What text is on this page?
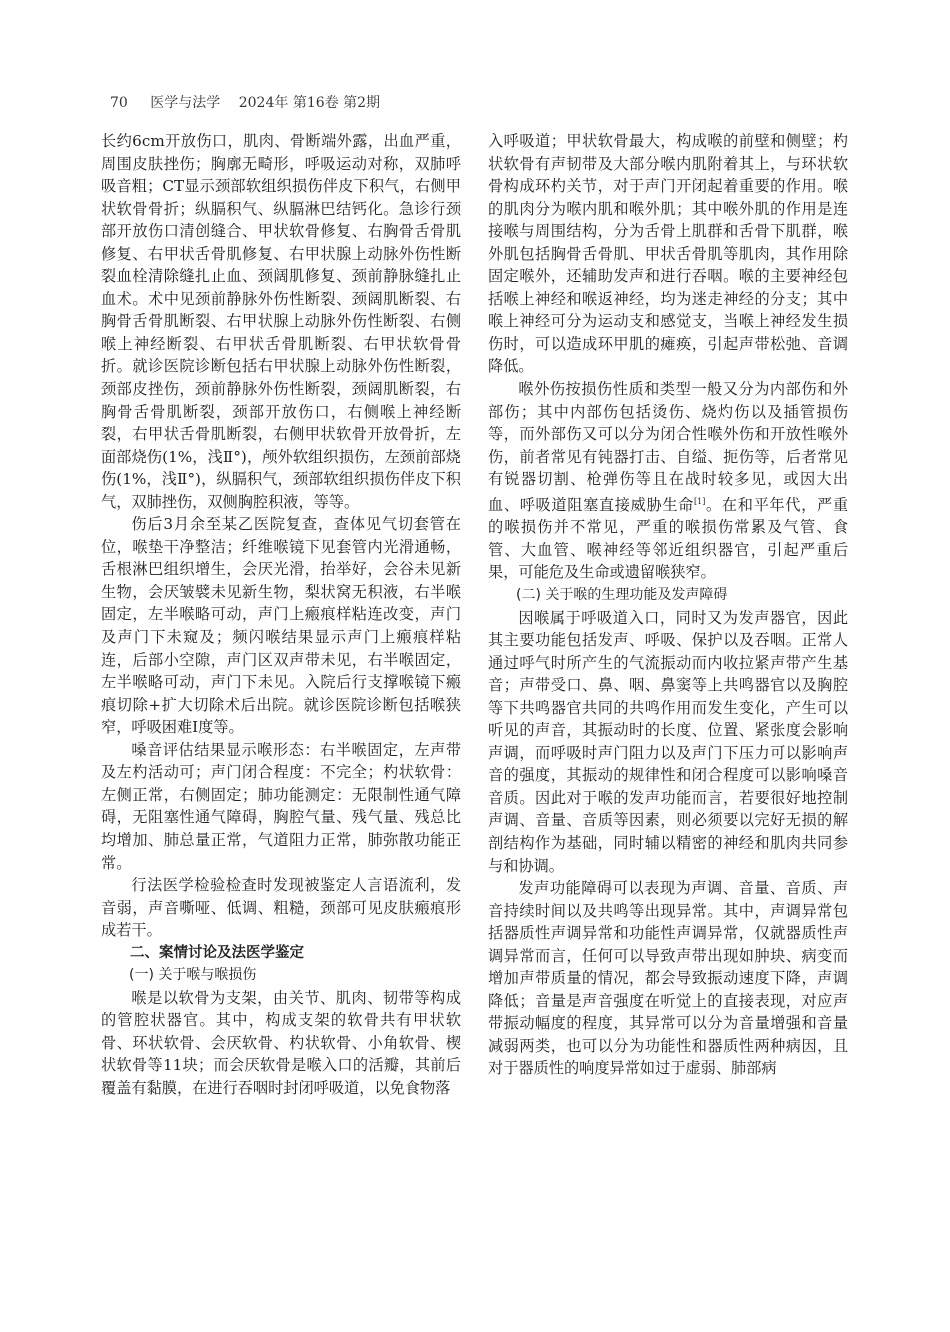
70 医学与法学 2024年 第16卷 第2期

长约6cm开放伤口，肌肉、骨断端外露，出血严重，周围皮肤挫伤；胸廓无畸形，呼吸运动对称，双肺呼吸音粗；CT显示颈部软组织损伤伴皮下积气，右侧甲状软骨骨折；纵膈积气、纵膈淋巴结钙化。急诊行颈部开放伤口清创缝合、甲状软骨修复、右胸骨舌骨肌修复、右甲状舌骨肌修复、右甲状腺上动脉外伤性断裂血栓清除缝扎止血、颈阔肌修复、颈前静脉缝扎止血术。术中见颈前静脉外伤性断裂、颈阔肌断裂、右胸骨舌骨肌断裂、右甲状腺上动脉外伤性断裂、右侧喉上神经断裂、右甲状舌骨肌断裂、右甲状软骨骨折。就诊医院诊断包括右甲状腺上动脉外伤性断裂，颈部皮挫伤，颈前静脉外伤性断裂，颈阔肌断裂，右胸骨舌骨肌断裂，颈部开放伤口，右侧喉上神经断裂，右甲状舌骨肌断裂，右侧甲状软骨开放骨折，左面部烧伤(1%，浅Ⅱ°)，颅外软组织损伤，左颈前部烧伤(1%，浅Ⅱ°)，纵膈积气，颈部软组织损伤伴皮下积气，双肺挫伤，双侧胸腔积液，等等。

伤后3月余至某乙医院复查，查体见气切套管在位，喉垫干净整洁；纤维喉镜下见套管内光滑通畅，舌根淋巴组织增生，会厌光滑，抬举好，会谷未见新生物，会厌皱襞未见新生物，梨状窝无积液，右半喉固定，左半喉略可动，声门上瘢痕样粘连改变，声门及声门下未窥及；频闪喉结果显示声门上瘢痕样粘连，后部小空隙，声门区双声带未见，右半喉固定，左半喉略可动，声门下未见。入院后行支撑喉镜下瘢痕切除+扩大切除术后出院。就诊医院诊断包括喉狭窄，呼吸困难Ⅰ度等。

嗓音评估结果显示喉形态：右半喉固定，左声带及左杓活动可；声门闭合程度：不完全；杓状软骨：左侧正常，右侧固定；肺功能测定：无限制性通气障碍，无阻塞性通气障碍，胸腔气量、残气量、残总比均增加、肺总量正常，气道阻力正常，肺弥散功能正常。

行法医学检验检查时发现被鉴定人言语流利，发音弱，声音嘶哑、低调、粗糙，颈部可见皮肤瘢痕形成若干。

二、案情讨论及法医学鉴定

(一) 关于喉与喉损伤

喉是以软骨为支架，由关节、肌肉、韧带等构成的管腔状器官。其中，构成支架的软骨共有甲状软骨、环状软骨、会厌软骨、杓状软骨、小角软骨、楔状软骨等11块；而会厌软骨是喉入口的活瓣，其前后覆盖有黏膜，在进行吞咽时封闭呼吸道，以免食物落

入呼吸道；甲状软骨最大，构成喉的前壁和侧壁；杓状软骨有声韧带及大部分喉内肌附着其上，与环状软骨构成环杓关节，对于声门开闭起着重要的作用。喉的肌肉分为喉内肌和喉外肌；其中喉外肌的作用是连接喉与周围结构，分为舌骨上肌群和舌骨下肌群，喉外肌包括胸骨舌骨肌、甲状舌骨肌等肌肉，其作用除固定喉外，还辅助发声和进行吞咽。喉的主要神经包括喉上神经和喉返神经，均为迷走神经的分支；其中喉上神经可分为运动支和感觉支，当喉上神经发生损伤时，可以造成环甲肌的瘫痪，引起声带松弛、音调降低。

喉外伤按损伤性质和类型一般又分为内部伤和外部伤；其中内部伤包括烫伤、烧灼伤以及插管损伤等，而外部伤又可以分为闭合性喉外伤和开放性喉外伤，前者常见有钝器打击、自缢、扼伤等，后者常见有锐器切割、枪弹伤等且在战时较多见，或因大出血、呼吸道阻塞直接威胁生命[1]。在和平年代，严重的喉损伤并不常见，严重的喉损伤常累及气管、食管、大血管、喉神经等邻近组织器官，引起严重后果，可能危及生命或遗留喉狭窄。

(二) 关于喉的生理功能及发声障碍

因喉属于呼吸道入口，同时又为发声器官，因此其主要功能包括发声、呼吸、保护以及吞咽。正常人通过呼气时所产生的气流振动而内收拉紧声带产生基音；声带受口、鼻、咽、鼻窦等上共鸣器官以及胸腔等下共鸣器官共同的共鸣作用而发生变化，产生可以听见的声音，其振动时的长度、位置、紧张度会影响声调，而呼吸时声门阻力以及声门下压力可以影响声音的强度，其振动的规律性和闭合程度可以影响嗓音音质。因此对于喉的发声功能而言，若要很好地控制声调、音量、音质等因素，则必须要以完好无损的解剖结构作为基础，同时辅以精密的神经和肌肉共同参与和协调。

发声功能障碍可以表现为声调、音量、音质、声音持续时间以及共鸣等出现异常。其中，声调异常包括器质性声调异常和功能性声调异常，仅就器质性声调异常而言，任何可以导致声带出现如肿块、病变而增加声带质量的情况，都会导致振动速度下降，声调降低；音量是声音强度在听觉上的直接表现，对应声带振动幅度的程度，其异常可以分为音量增强和音量减弱两类，也可以分为功能性和器质性两种病因，且对于器质性的响度异常如过于虚弱、肺部病
